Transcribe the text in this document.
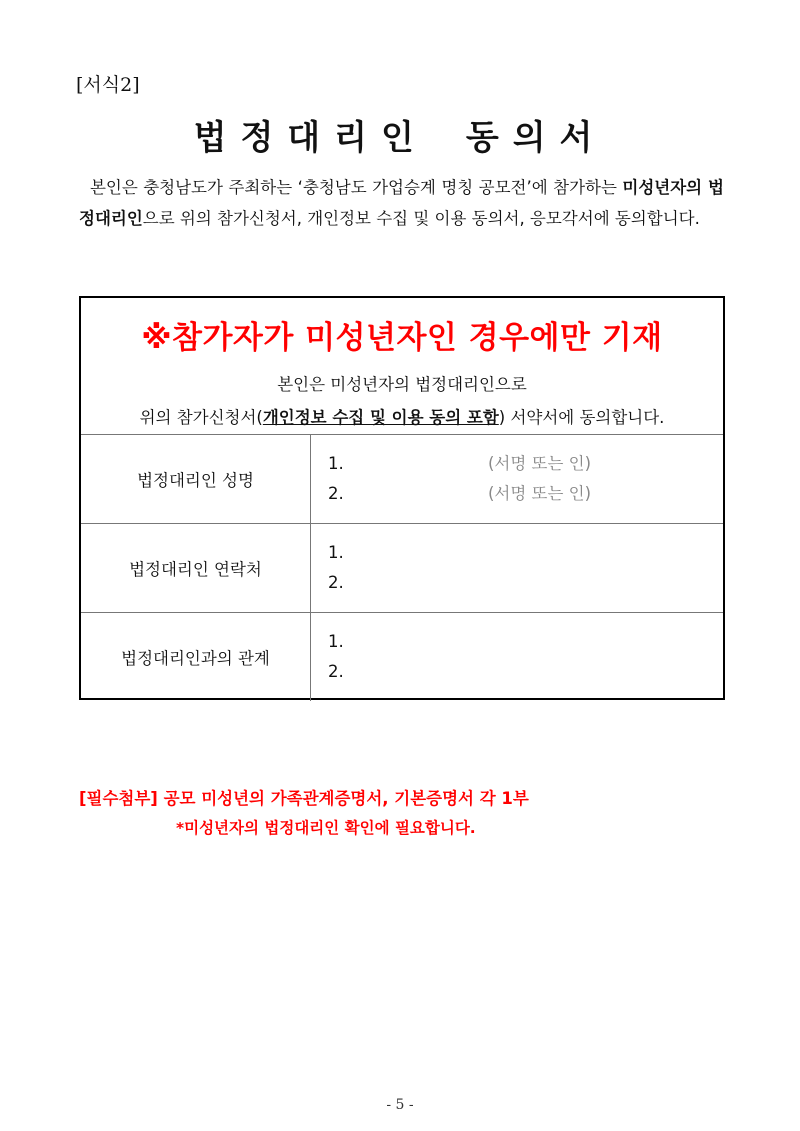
[서식2]
법정대리인 동의서
본인은 충청남도가 주최하는 ‘충청남도 가업승계 명칭 공모전’에 참가하는 미성년자의 법정대리인으로 위의 참가신청서, 개인정보 수집 및 이용 동의서, 응모각서에 동의합니다.
※참가자가 미성년자인 경우에만 기재
본인은 미성년자의 법정대리인으로
위의 참가신청서(개인정보 수집 및 이용 동의 포함) 서약서에 동의합니다.
법정대리인 성명
1.	(서명 또는 인)
2.	(서명 또는 인)
법정대리인 연락처
1.
2.
법정대리인과의 관계
1.
2.
[필수첨부] 공모 미성년의 가족관계증명서, 기본증명서 각 1부
*미성년자의 법정대리인 확인에 필요합니다.
- 5 -
